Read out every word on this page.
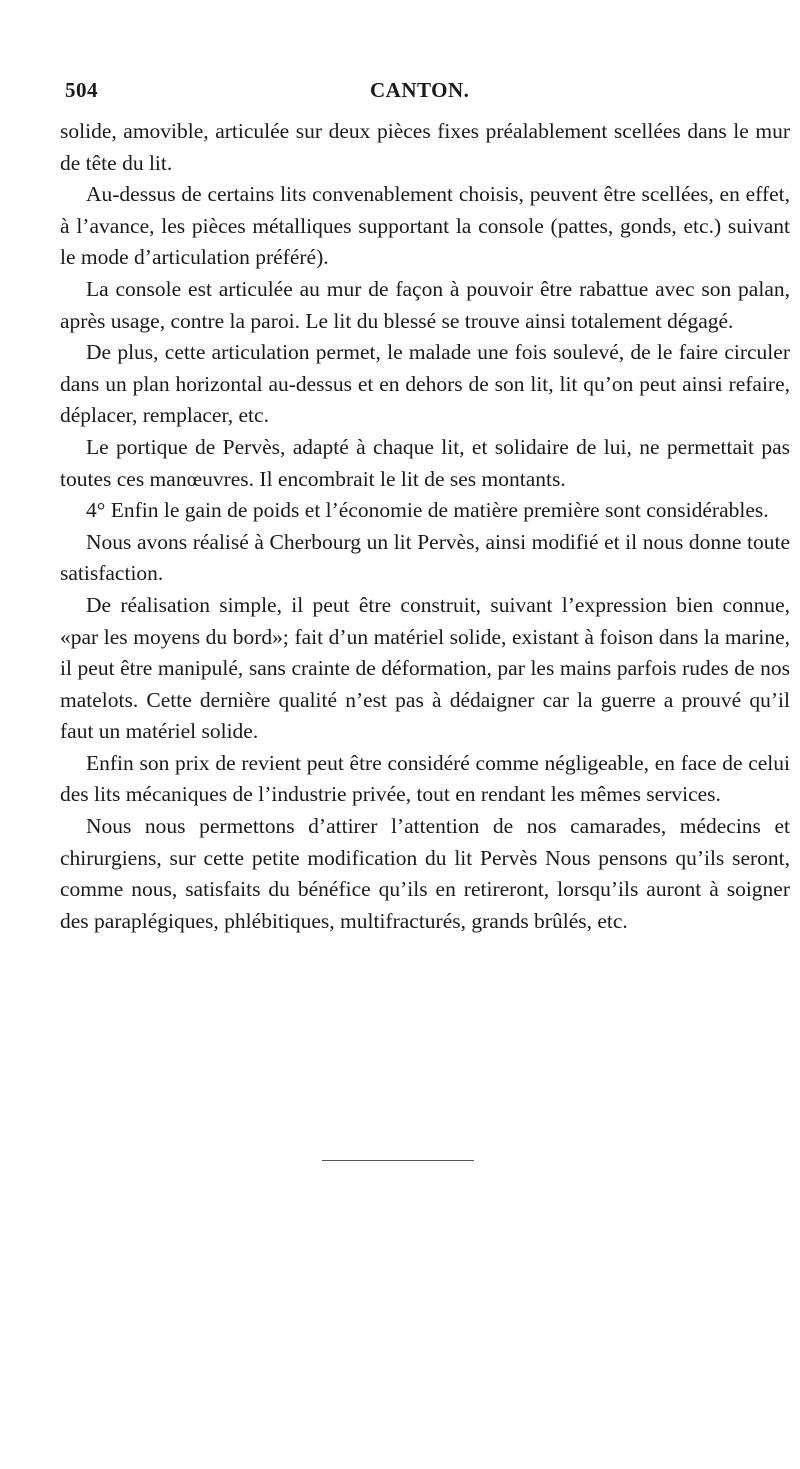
504	CANTON.

solide, amovible, articulée sur deux pièces fixes préalablement scellées dans le mur de tête du lit.

Au-dessus de certains lits convenablement choisis, peuvent être scellées, en effet, à l’avance, les pièces métalliques supportant la console (pattes, gonds, etc.) suivant le mode d’articulation préféré).

La console est articulée au mur de façon à pouvoir être rabattue avec son palan, après usage, contre la paroi. Le lit du blessé se trouve ainsi totalement dégagé.

De plus, cette articulation permet, le malade une fois soulevé, de le faire circuler dans un plan horizontal au-dessus et en dehors de son lit, lit qu’on peut ainsi refaire, déplacer, remplacer, etc.

Le portique de Pervès, adapté à chaque lit, et solidaire de lui, ne permettait pas toutes ces manœuvres. Il encombrait le lit de ses montants.

4° Enfin le gain de poids et l’économie de matière première sont considérables.

Nous avons réalisé à Cherbourg un lit Pervès, ainsi modifié et il nous donne toute satisfaction.

De réalisation simple, il peut être construit, suivant l’expression bien connue, «par les moyens du bord»; fait d’un matériel solide, existant à foison dans la marine, il peut être manipulé, sans crainte de déformation, par les mains parfois rudes de nos matelots. Cette dernière qualité n’est pas à dédaigner car la guerre a prouvé qu’il faut un matériel solide.

Enfin son prix de revient peut être considéré comme négligeable, en face de celui des lits mécaniques de l’industrie privée, tout en rendant les mêmes services.

Nous nous permettons d’attirer l’attention de nos camarades, médecins et chirurgiens, sur cette petite modification du lit Pervès Nous pensons qu’ils seront, comme nous, satisfaits du bénéfice qu’ils en retireront, lorsqu’ils auront à soigner des paraplégiques, phlébitiques, multifracturés, grands brûlés, etc.
